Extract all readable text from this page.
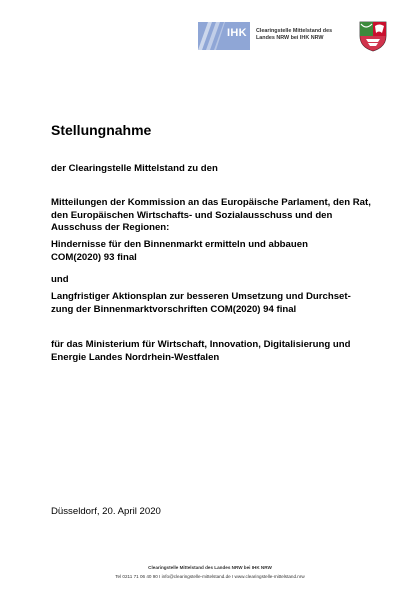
IHK Clearingstelle Mittelstand des
Landes NRW bei IHK NRW
Stellungnahme
der Clearingstelle Mittelstand zu den
Mitteilungen der Kommission an das Europäische Parlament, den Rat, den Europäischen Wirtschafts- und Sozialausschuss und den Ausschuss der Regionen:
Hindernisse für den Binnenmarkt ermitteln und abbauen
COM(2020) 93 final
und
Langfristiger Aktionsplan zur besseren Umsetzung und Durchset-
zung der Binnenmarktvorschriften COM(2020) 94 final
für das Ministerium für Wirtschaft, Innovation, Digitalisierung und Energie Landes Nordrhein-Westfalen
Düsseldorf, 20. April 2020
Clearingstelle Mittelstand des Landes NRW bei IHK NRW
Tel 0211 71 06 40 90 I info@clearingstelle-mittelstand.de I www.clearingstelle-mittelstand.nrw
